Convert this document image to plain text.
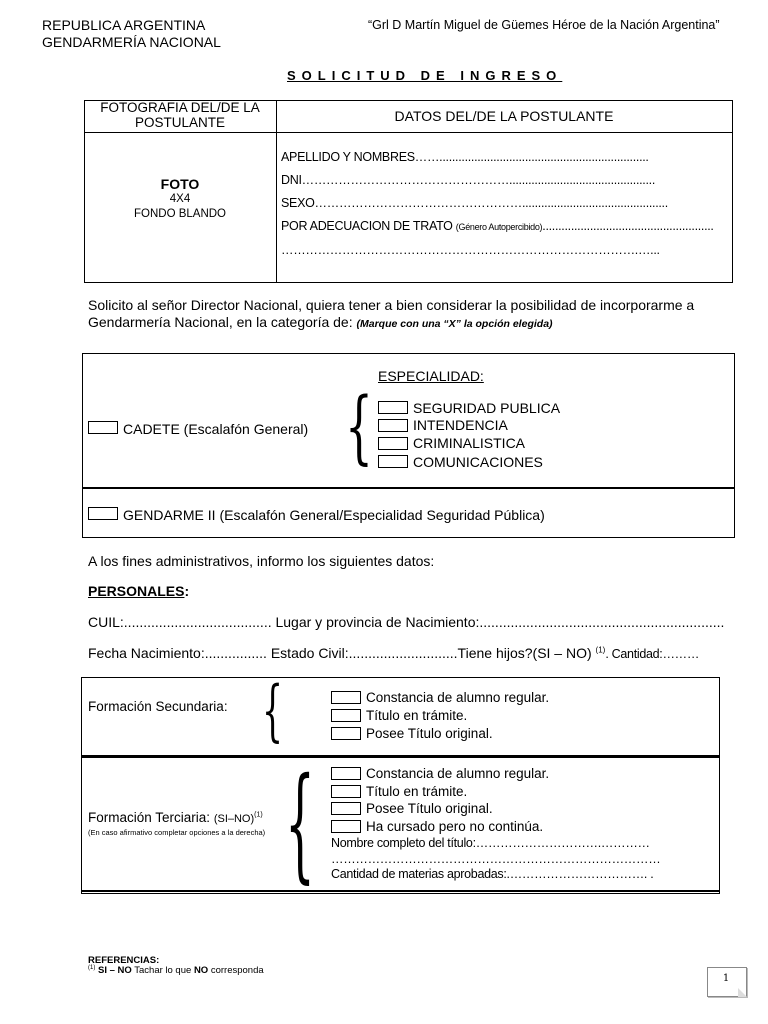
REPUBLICA ARGENTINA
GENDARMERÍA NACIONAL
“Grl D Martín Miguel de Güemes Héroe de la Nación Argentina”
SOLICITUD DE INGRESO
FOTOGRAFIA DEL/DE LA POSTULANTE	DATOS DEL/DE LA POSTULANTE
FOTO
4X4
FONDO BLANDO
APELLIDO Y NOMBRES……..................................................................
DNI……………………………………………..............................................
SEXO……………………………………………..............................................
POR ADECUACION DE TRATO (Género Autopercibido)......................................................
…………………………………………………………………………….…...
Solicito al señor Director Nacional, quiera tener a bien considerar la posibilidad de incorporarme a Gendarmería Nacional, en la categoría de: (Marque con una “X” la opción elegida)
ESPECIALIDAD:
CADETE (Escalafón General) {	SEGURIDAD PUBLICA
INTENDENCIA
CRIMINALISTICA
COMUNICACIONES
GENDARME II (Escalafón General/Especialidad Seguridad Pública)
A los fines administrativos, informo los siguientes datos:
PERSONALES:
CUIL:...................................... Lugar y provincia de Nacimiento:...............................................................
Fecha Nacimiento:................ Estado Civil:............................Tiene hijos?(SI – NO) $^{(1)}$. Cantidad:………
Formación Secundaria: {	Constancia de alumno regular.
Título en trámite.
Posee Título original.
Formación Terciaria: $(SI-NO)^{(1)}$
(En caso afirmativo completar opciones a la derecha) {	Constancia de alumno regular.
Título en trámite.
Posee Título original.
Ha cursado pero no continúa.
Nombre completo del título:………………………….…………
………………………………………………………………………
Cantidad de materias aprobadas:.……………………………. .
REFERENCIAS:
$^{(1)}$ SI – NO Tachar lo que NO corresponda
1
